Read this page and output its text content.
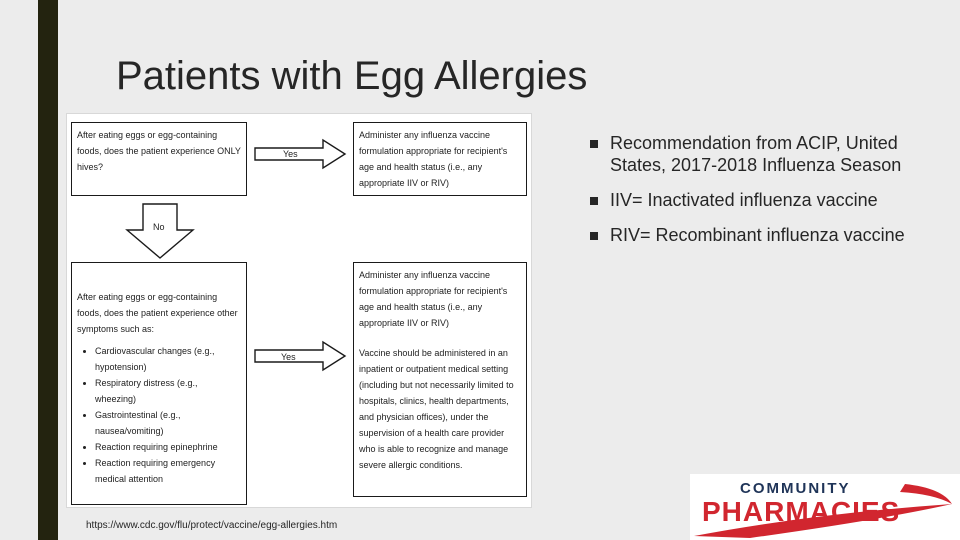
Patients with Egg Allergies
After eating eggs or egg-containing foods, does the patient experience ONLY hives?
Yes
Administer any influenza vaccine formulation appropriate for recipient's age and health status (i.e., any appropriate IIV or RIV)
No
After eating eggs or egg-containing foods, does the patient experience other symptoms such as:
• Cardiovascular changes (e.g., hypotension)
• Respiratory distress (e.g., wheezing)
• Gastrointestinal (e.g., nausea/vomiting)
• Reaction requiring epinephrine
• Reaction requiring emergency medical attention
Yes
Administer any influenza vaccine formulation appropriate for recipient's age and health status (i.e., any appropriate IIV or RIV)
Vaccine should be administered in an inpatient or outpatient medical setting (including but not necessarily limited to hospitals, clinics, health departments, and physician offices), under the supervision of a health care provider who is able to recognize and manage severe allergic conditions.
Recommendation from ACIP, United States, 2017-2018 Influenza Season
IIV= Inactivated influenza vaccine
RIV= Recombinant influenza vaccine
https://www.cdc.gov/flu/protect/vaccine/egg-allergies.htm
COMMUNITY
PHARMACIES
